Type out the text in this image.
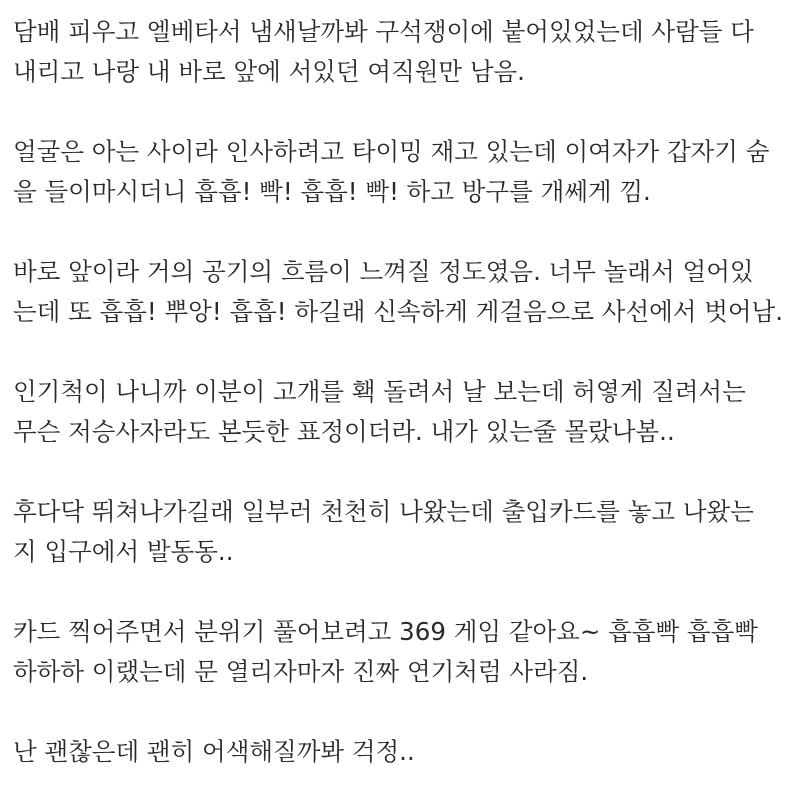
담배 피우고 엘베타서 냄새날까봐 구석쟁이에 붙어있었는데 사람들 다
내리고 나랑 내 바로 앞에 서있던 여직원만 남음.
얼굴은 아는 사이라 인사하려고 타이밍 재고 있는데 이여자가 갑자기 숨
을 들이마시더니 흡흡! 빡! 흡흡! 빡! 하고 방구를 개쎄게 낌.
바로 앞이라 거의 공기의 흐름이 느껴질 정도였음. 너무 놀래서 얼어있
는데 또 흡흡! 뿌앙! 흡흡! 하길래 신속하게 게걸음으로 사선에서 벗어남.
인기척이 나니까 이분이 고개를 홱 돌려서 날 보는데 허옇게 질려서는
무슨 저승사자라도 본듯한 표정이더라. 내가 있는줄 몰랐나봄..
후다닥 뛰쳐나가길래 일부러 천천히 나왔는데 출입카드를 놓고 나왔는
지 입구에서 발동동..
카드 찍어주면서 분위기 풀어보려고 369 게임 같아요~ 흡흡빡 흡흡빡
하하하 이랬는데 문 열리자마자 진짜 연기처럼 사라짐.
난 괜찮은데 괜히 어색해질까봐 걱정..
